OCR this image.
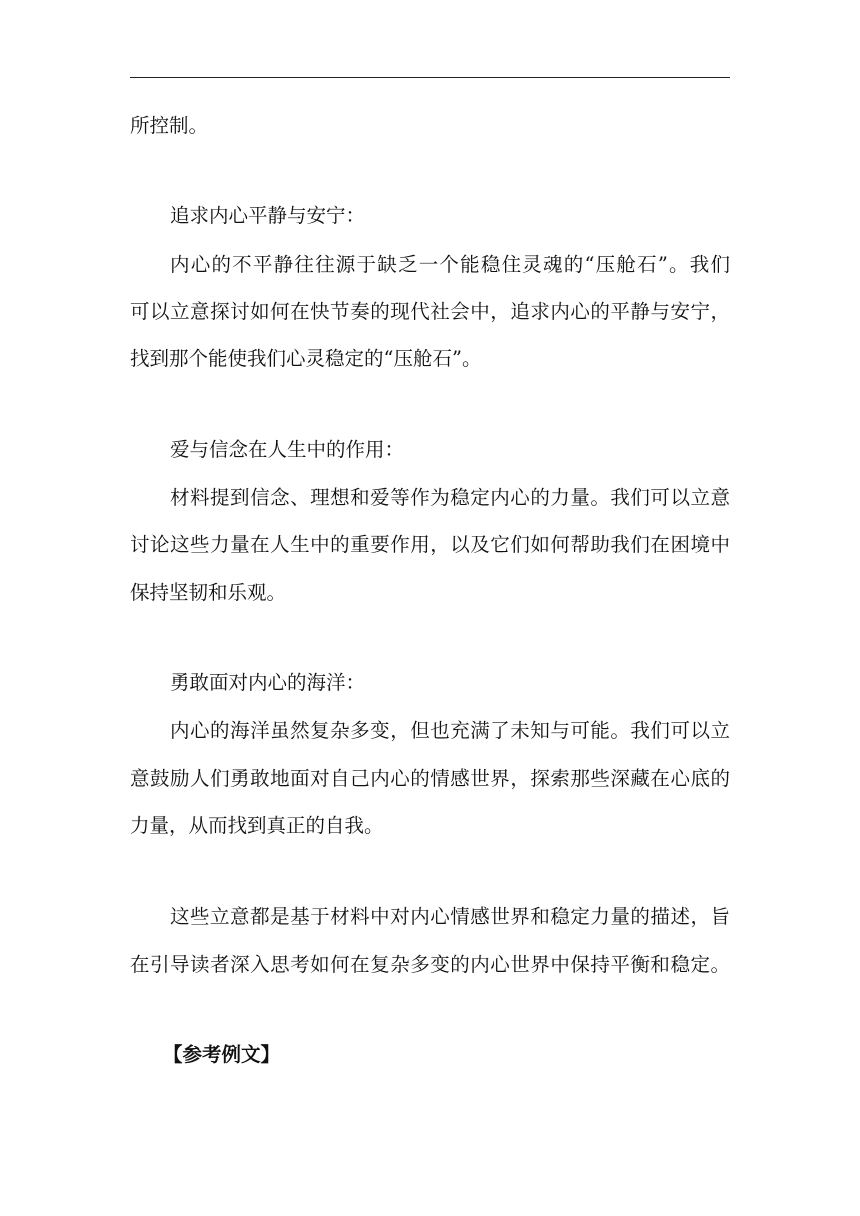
所控制。
追求内心平静与安宁：
内心的不平静往往源于缺乏一个能稳住灵魂的“压舱石”。我们
可以立意探讨如何在快节奏的现代社会中，追求内心的平静与安宁，
找到那个能使我们心灵稳定的“压舱石”。
爱与信念在人生中的作用：
材料提到信念、理想和爱等作为稳定内心的力量。我们可以立意
讨论这些力量在人生中的重要作用，以及它们如何帮助我们在困境中
保持坚韧和乐观。
勇敢面对内心的海洋：
内心的海洋虽然复杂多变，但也充满了未知与可能。我们可以立
意鼓励人们勇敢地面对自己内心的情感世界，探索那些深藏在心底的
力量，从而找到真正的自我。
这些立意都是基于材料中对内心情感世界和稳定力量的描述，旨
在引导读者深入思考如何在复杂多变的内心世界中保持平衡和稳定。
【参考例文】
